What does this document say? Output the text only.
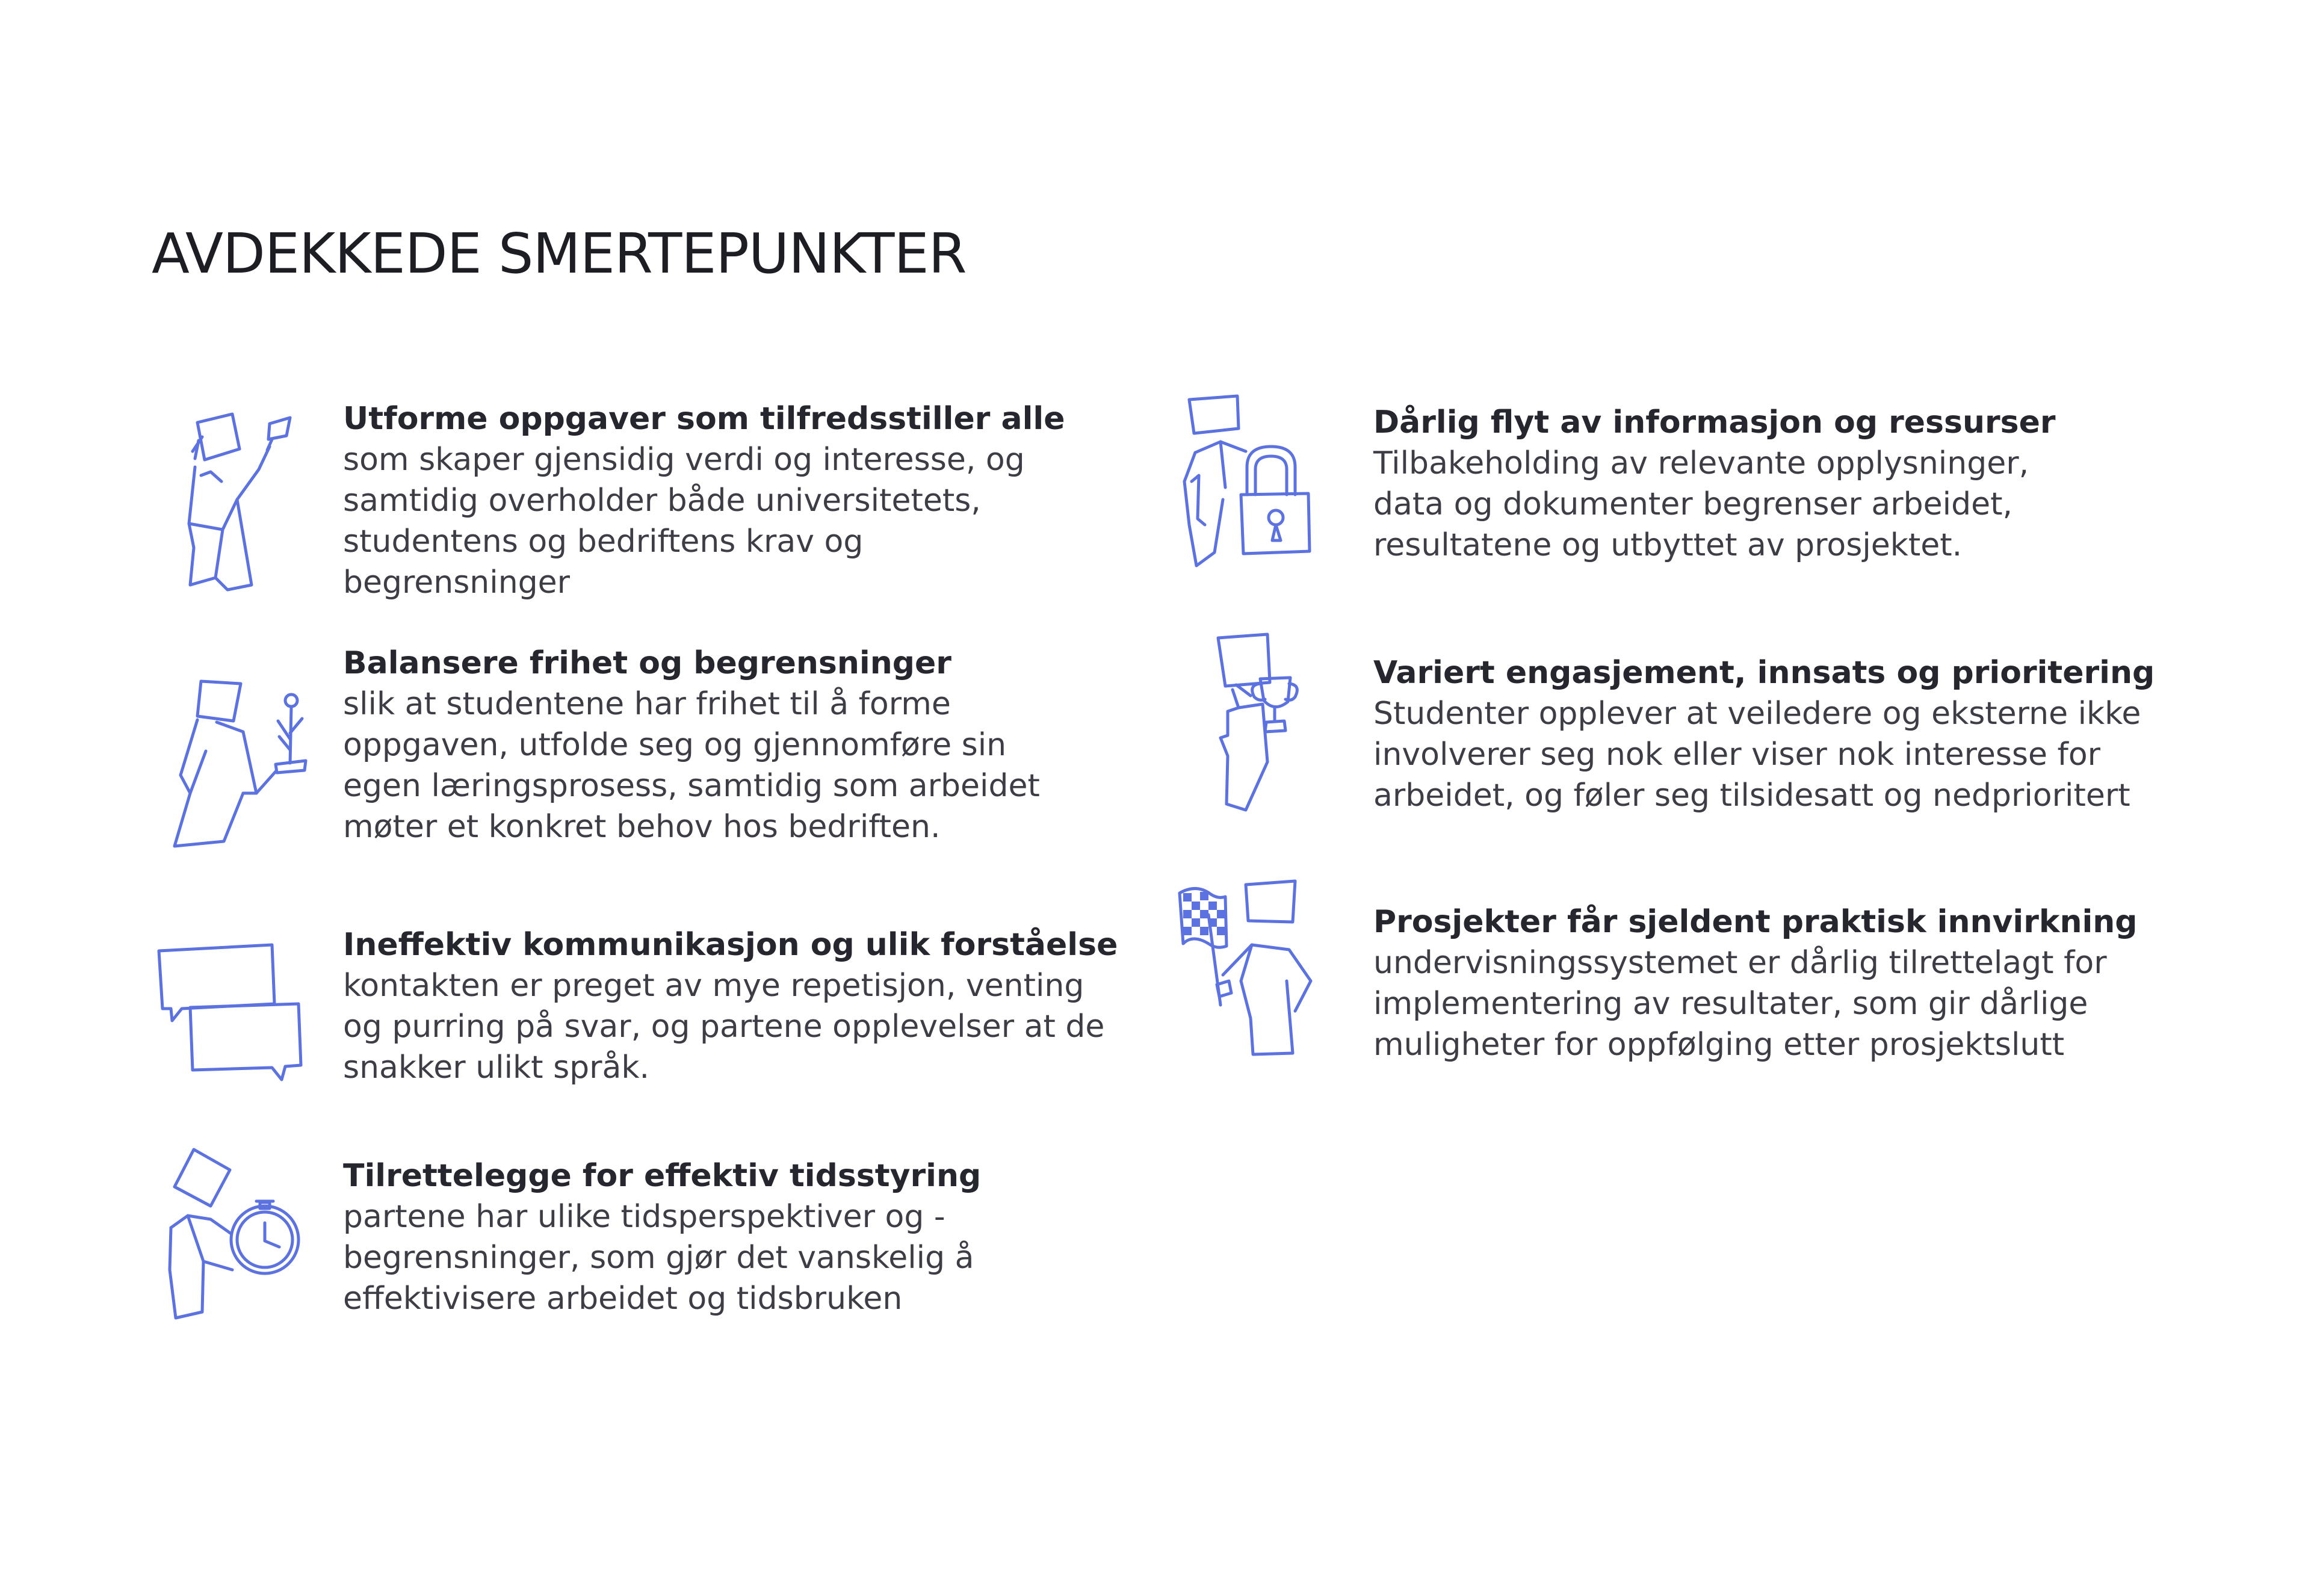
AVDEKKEDE SMERTEPUNKTER
Utforme oppgaver som tilfredsstiller alle

som skaper gjensidig verdi og interesse, og

samtidig overholder både universitetets,

studentens og bedriftens krav og

begrensninger

Balansere frihet og begrensninger

slik at studentene har frihet til å forme

oppgaven, utfolde seg og gjennomføre sin

egen læringsprosess, samtidig som arbeidet

møter et konkret behov hos bedriften.

Ineffektiv kommunikasjon og ulik forståelse

kontakten er preget av mye repetisjon, venting

og purring på svar, og partene opplevelser at de

snakker ulikt språk.

Tilrettelegge for effektiv tidsstyring

partene har ulike tidsperspektiver og -

begrensninger, som gjør det vanskelig å

effektivisere arbeidet og tidsbruken

Dårlig flyt av informasjon og ressurser

Tilbakeholding av relevante opplysninger,

data og dokumenter begrenser arbeidet,

resultatene og utbyttet av prosjektet.

Variert engasjement, innsats og prioritering

Studenter opplever at veiledere og eksterne ikke

involverer seg nok eller viser nok interesse for

arbeidet, og føler seg tilsidesatt og nedprioritert

Prosjekter får sjeldent praktisk innvirkning

undervisningssystemet er dårlig tilrettelagt for

implementering av resultater, som gir dårlige

muligheter for oppfølging etter prosjektslutt
